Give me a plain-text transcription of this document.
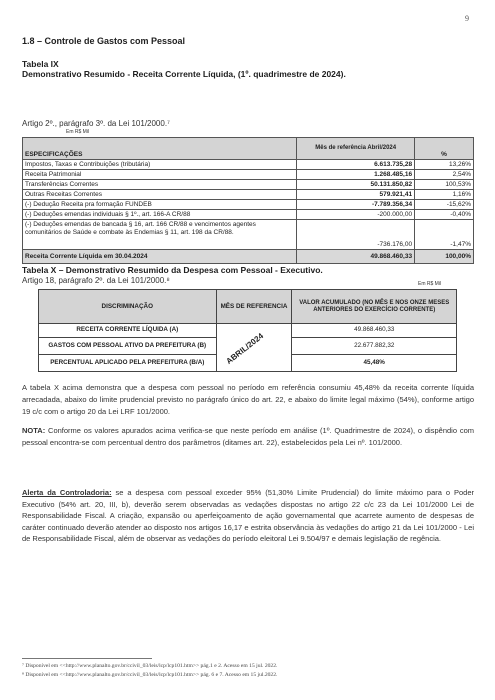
9
1.8 – Controle de Gastos com Pessoal
Tabela IX
Demonstrativo Resumido - Receita Corrente Líquida, (1º. quadrimestre de 2024).
Artigo 2º., parágrafo 3º. da Lei 101/2000.⁷
Em R$ Mil
ESPECIFICAÇÕES	Mês de referência Abril/2024	%
Impostos, Taxas e Contribuições (tributária)	6.613.735,28	13,26%
Receita Patrimonial	1.268.485,16	2,54%
Transferências Correntes	50.131.850,82	100,53%
Outras Receitas Correntes	579.921,41	1,16%
(-) Dedução Receita pra formação FUNDEB	-7.789.356,34	-15,62%
(-) Deduções emendas individuais § 1º., art. 166-A CR/88	-200.000,00	-0,40%
(-) Deduções emendas de bancada § 16, art. 166 CR/88 e vencimentos agentes comunitários de Saúde e combate às Endemias § 11, art. 198 da CR/88.	-736.176,00	-1,47%
Receita Corrente Líquida em 30.04.2024	49.868.460,33	100,00%
Tabela X – Demonstrativo Resumido da Despesa com Pessoal - Executivo.
Artigo 18, parágrafo 2º. da Lei 101/2000.⁸	Em R$ Mil
DISCRIMINAÇÃO	MÊS DE REFERENCIA	VALOR ACUMULADO (NO MÊS E NOS ONZE MESES ANTERIORES DO EXERCÍCIO CORRENTE)
RECEITA CORRENTE LÍQUIDA (A)	ABRIL/2024	49.868.460,33
GASTOS COM PESSOAL ATIVO DA PREFEITURA (B)		22.677.882,32
PERCENTUAL APLICADO PELA PREFEITURA (B/A)		45,48%
A tabela X acima demonstra que a despesa com pessoal no período em referência consumiu 45,48% da receita corrente líquida arrecadada, abaixo do limite prudencial previsto no parágrafo único do art. 22, e abaixo do limite legal máximo (54%), conforme artigo 19 c/c com o artigo 20 da Lei LRF 101/2000.
NOTA: Conforme os valores apurados acima verifica-se que neste período em análise (1º. Quadrimestre de 2024), o dispêndio com pessoal encontra-se com percentual dentro dos parâmetros (ditames art. 22), estabelecidos pela Lei nº. 101/2000.
Alerta da Controladoria: se a despesa com pessoal exceder 95% (51,30% Limite Prudencial) do limite máximo para o Poder Executivo (54% art. 20, III, b), deverão serem observadas as vedações dispostas no artigo 22 c/c 23 da Lei 101/2000 Lei de Responsabilidade Fiscal. A criação, expansão ou aperfeiçoamento de ação governamental que acarrete aumento de despesas de caráter continuado deverão atender ao disposto nos artigos 16,17 e estrita observância às vedações do artigo 21 da Lei 101/2000 - Lei de Responsabilidade Fiscal, além de observar as vedações do período eleitoral Lei 9.504/97 e demais legislação de regência.
⁷ Disponível em <<http://www.planalto.gov.br/ccivil_03/leis/lcp/lcp101.htm>> pág.1 e 2. Acesso em 15 jul. 2022.
⁸ Disponível em <<http://www.planalto.gov.br/ccivil_03/leis/lcp/lcp101.htm>> pág. 6 e 7. Acesso em 15 jul.2022.
